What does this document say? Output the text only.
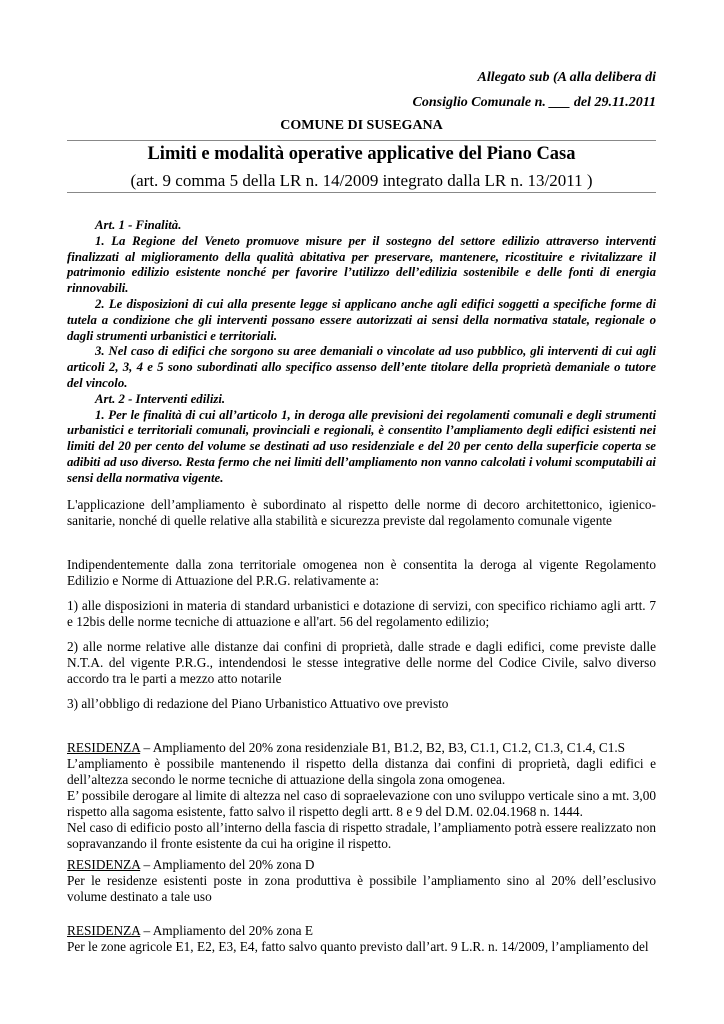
Allegato sub (A alla delibera di
Consiglio Comunale n. ___ del 29.11.2011
COMUNE DI SUSEGANA
Limiti e modalità operative applicative del Piano Casa
(art. 9 comma 5 della LR n. 14/2009 integrato dalla LR n. 13/2011 )

Art. 1 - Finalità.

1. La Regione del Veneto promuove misure per il sostegno del settore edilizio attraverso interventi finalizzati al miglioramento della qualità abitativa per preservare, mantenere, ricostituire e rivitalizzare il patrimonio edilizio esistente nonché per favorire l’utilizzo dell’edilizia sostenibile e delle fonti di energia rinnovabili.

2. Le disposizioni di cui alla presente legge si applicano anche agli edifici soggetti a specifiche forme di tutela a condizione che gli interventi possano essere autorizzati ai sensi della normativa statale, regionale o dagli strumenti urbanistici e territoriali.

3. Nel caso di edifici che sorgono su aree demaniali o vincolate ad uso pubblico, gli interventi di cui agli articoli 2, 3, 4 e 5 sono subordinati allo specifico assenso dell’ente titolare della proprietà demaniale o tutore del vincolo.

Art. 2 - Interventi edilizi.

1. Per le finalità di cui all’articolo 1, in deroga alle previsioni dei regolamenti comunali e degli strumenti urbanistici e territoriali comunali, provinciali e regionali, è consentito l’ampliamento degli edifici esistenti nei limiti del 20 per cento del volume se destinati ad uso residenziale e del 20 per cento della superficie coperta se adibiti ad uso diverso. Resta fermo che nei limiti dell’ampliamento non vanno calcolati i volumi scomputabili ai sensi della normativa vigente.

L'applicazione dell’ampliamento è subordinato al rispetto delle norme di decoro architettonico, igienico-sanitarie, nonché di quelle relative alla stabilità e sicurezza previste dal regolamento comunale vigente

Indipendentemente dalla zona territoriale omogenea non è consentita la deroga al vigente Regolamento Edilizio e Norme di Attuazione del P.R.G. relativamente a:

1) alle disposizioni in materia di standard urbanistici e dotazione di servizi, con specifico richiamo agli artt. 7 e 12bis delle norme tecniche di attuazione e all'art. 56 del regolamento edilizio;

2) alle norme relative alle distanze dai confini di proprietà, dalle strade e dagli edifici, come previste dalle N.T.A. del vigente P.R.G., intendendosi le stesse integrative delle norme del Codice Civile, salvo diverso accordo tra le parti a mezzo atto notarile

3) all’obbligo di redazione del Piano Urbanistico Attuativo ove previsto

RESIDENZA – Ampliamento del 20% zona residenziale B1, B1.2, B2, B3, C1.1, C1.2, C1.3, C1.4, C1.S

L’ampliamento è possibile mantenendo il rispetto della distanza dai confini di proprietà, dagli edifici e dell’altezza secondo le norme tecniche di attuazione della singola zona omogenea.

E’ possibile derogare al limite di altezza nel caso di sopraelevazione con uno sviluppo verticale sino a mt. 3,00 rispetto alla sagoma esistente, fatto salvo il rispetto degli artt. 8 e 9 del D.M. 02.04.1968 n. 1444.

Nel caso di edificio posto all’interno della fascia di rispetto stradale, l’ampliamento potrà essere realizzato non sopravanzando il fronte esistente da cui ha origine il rispetto.

RESIDENZA – Ampliamento del 20% zona D

Per le residenze esistenti poste in zona produttiva è possibile l’ampliamento sino al 20% dell’esclusivo volume destinato a tale uso

RESIDENZA – Ampliamento del 20% zona E

Per le zone agricole E1, E2, E3, E4, fatto salvo quanto previsto dall’art. 9 L.R. n. 14/2009, l’ampliamento del
